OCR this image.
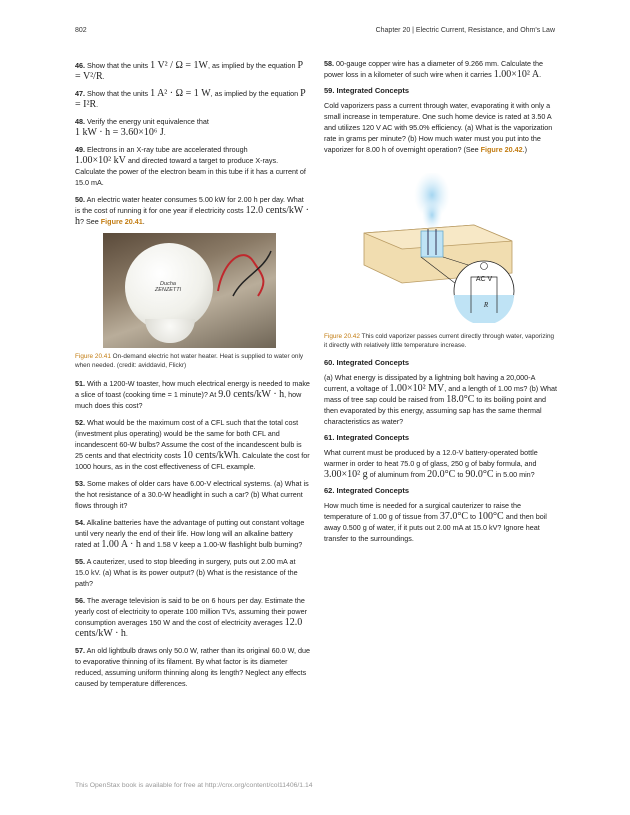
802	Chapter 20 | Electric Current, Resistance, and Ohm's Law

46. Show that the units 1 V² / Ω = 1W, as implied by the equation P = V²/R.

47. Show that the units 1 A² · Ω = 1 W, as implied by the equation P = I²R.

48. Verify the energy unit equivalence that
1 kW · h = 3.60×10⁶ J.

49. Electrons in an X-ray tube are accelerated through
1.00×10² kV and directed toward a target to produce X-rays. Calculate the power of the electron beam in this tube if it has a current of 15.0 mA.

50. An electric water heater consumes 5.00 kW for 2.00 h per day. What is the cost of running it for one year if electricity costs 12.0 cents/kW · h? See Figure 20.41.

Ducha ZENZETTI

Figure 20.41 On-demand electric hot water heater. Heat is supplied to water only when needed. (credit: aviddavid, Flickr)

51. With a 1200-W toaster, how much electrical energy is needed to make a slice of toast (cooking time = 1 minute)? At 9.0 cents/kW · h, how much does this cost?

52. What would be the maximum cost of a CFL such that the total cost (investment plus operating) would be the same for both CFL and incandescent 60-W bulbs? Assume the cost of the incandescent bulb is 25 cents and that electricity costs 10 cents/kWh. Calculate the cost for 1000 hours, as in the cost effectiveness of CFL example.

53. Some makes of older cars have 6.00-V electrical systems. (a) What is the hot resistance of a 30.0-W headlight in such a car? (b) What current flows through it?

54. Alkaline batteries have the advantage of putting out constant voltage until very nearly the end of their life. How long will an alkaline battery rated at 1.00 A · h and 1.58 V keep a 1.00-W flashlight bulb burning?

55. A cauterizer, used to stop bleeding in surgery, puts out 2.00 mA at 15.0 kV. (a) What is its power output? (b) What is the resistance of the path?

56. The average television is said to be on 6 hours per day. Estimate the yearly cost of electricity to operate 100 million TVs, assuming their power consumption averages 150 W and the cost of electricity averages 12.0 cents/kW · h.

57. An old lightbulb draws only 50.0 W, rather than its original 60.0 W, due to evaporative thinning of its filament. By what factor is its diameter reduced, assuming uniform thinning along its length? Neglect any effects caused by temperature differences.

58. 00-gauge copper wire has a diameter of 9.266 mm. Calculate the power loss in a kilometer of such wire when it carries 1.00×10² A.

59. Integrated Concepts

Cold vaporizers pass a current through water, evaporating it with only a small increase in temperature. One such home device is rated at 3.50 A and utilizes 120 V AC with 95.0% efficiency. (a) What is the vaporization rate in grams per minute? (b) How much water must you put into the vaporizer for 8.00 h of overnight operation? (See Figure 20.42.)

AC V
R

Figure 20.42 This cold vaporizer passes current directly through water, vaporizing it directly with relatively little temperature increase.

60. Integrated Concepts

(a) What energy is dissipated by a lightning bolt having a 20,000-A current, a voltage of 1.00×10² MV, and a length of 1.00 ms? (b) What mass of tree sap could be raised from 18.0°C to its boiling point and then evaporated by this energy, assuming sap has the same thermal characteristics as water?

61. Integrated Concepts

What current must be produced by a 12.0-V battery-operated bottle warmer in order to heat 75.0 g of glass, 250 g of baby formula, and 3.00×10² g of aluminum from 20.0°C to 90.0°C in 5.00 min?

62. Integrated Concepts

How much time is needed for a surgical cauterizer to raise the temperature of 1.00 g of tissue from 37.0°C to 100°C and then boil away 0.500 g of water, if it puts out 2.00 mA at 15.0 kV? Ignore heat transfer to the surroundings.

This OpenStax book is available for free at http://cnx.org/content/col11406/1.14
